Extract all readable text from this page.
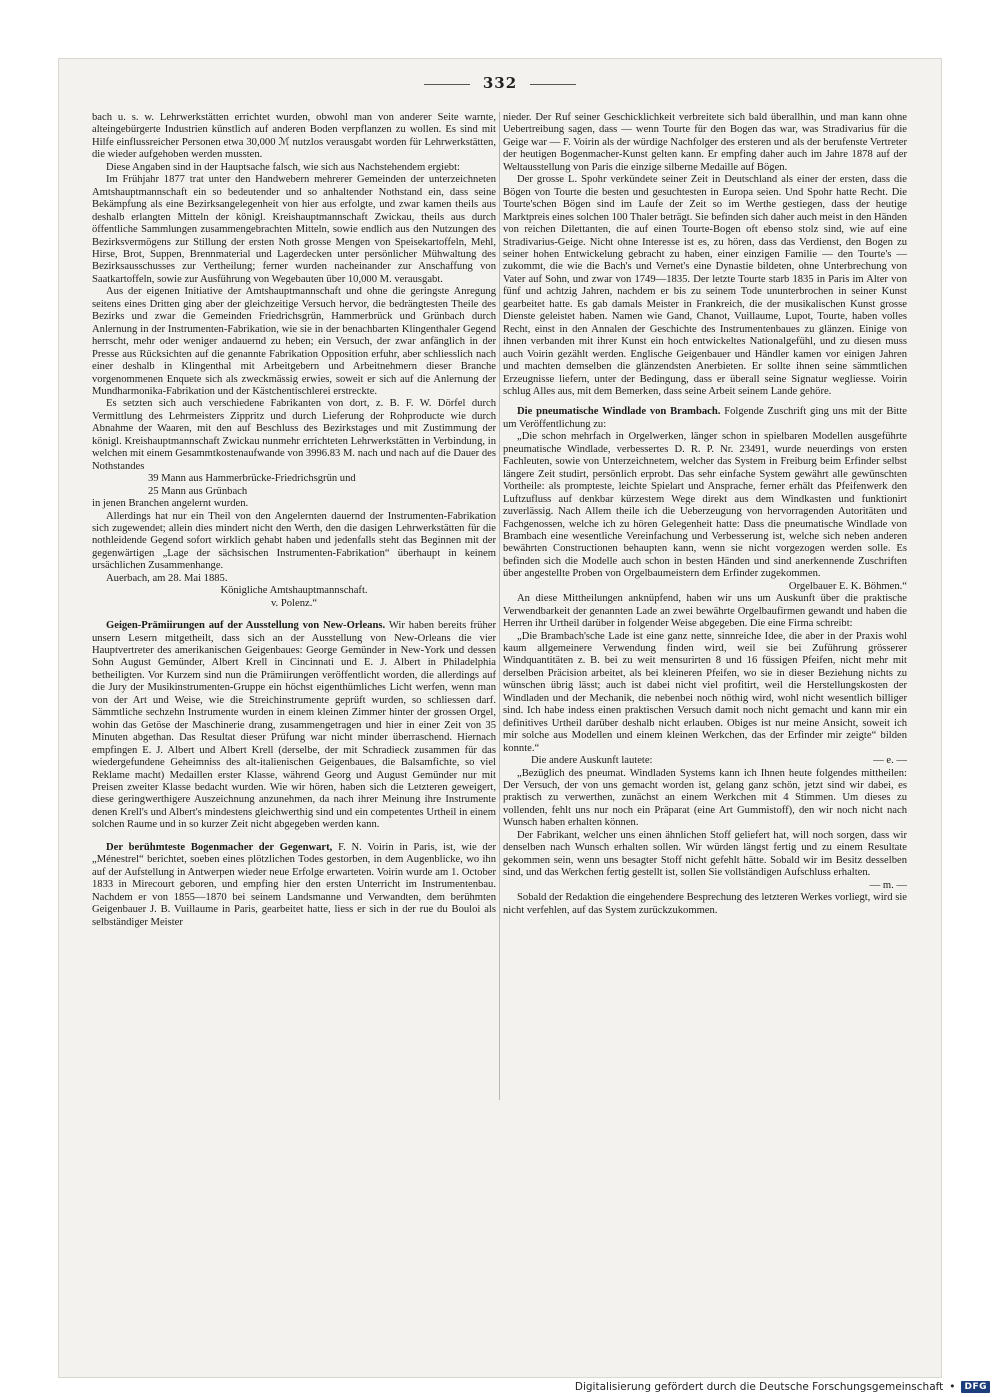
332

bach u. s. w. Lehrwerkstätten errichtet wurden, obwohl man von anderer Seite warnte, alteingebürgerte Industrien künstlich auf anderen Boden verpflanzen zu wollen. Es sind mit Hilfe einflussreicher Personen etwa 30,000 ℳ nutzlos verausgabt worden für Lehrwerkstätten, die wieder aufgehoben werden mussten.

Diese Angaben sind in der Hauptsache falsch, wie sich aus Nachstehendem ergiebt:

Im Frühjahr 1877 trat unter den Handwebern mehrerer Gemeinden der unterzeichneten Amtshauptmannschaft ein so bedeutender und so anhaltender Nothstand ein, dass seine Bekämpfung als eine Bezirksangelegenheit von hier aus erfolgte, und zwar kamen theils aus deshalb erlangten Mitteln der königl. Kreishauptmannschaft Zwickau, theils aus durch öffentliche Sammlungen zusammengebrachten Mitteln, sowie endlich aus den Nutzungen des Bezirksvermögens zur Stillung der ersten Noth grosse Mengen von Speisekartoffeln, Mehl, Hirse, Brot, Suppen, Brennmaterial und Lagerdecken unter persönlicher Mühwaltung des Bezirksausschusses zur Vertheilung; ferner wurden nacheinander zur Anschaffung von Saatkartoffeln, sowie zur Ausführung von Wegebauten über 10,000 M. verausgabt.

Aus der eigenen Initiative der Amtshauptmannschaft und ohne die geringste Anregung seitens eines Dritten ging aber der gleichzeitige Versuch hervor, die bedrängtesten Theile des Bezirks und zwar die Gemeinden Friedrichsgrün, Hammerbrück und Grünbach durch Anlernung in der Instrumenten-Fabrikation, wie sie in der benachbarten Klingenthaler Gegend herrscht, mehr oder weniger andauernd zu heben; ein Versuch, der zwar anfänglich in der Presse aus Rücksichten auf die genannte Fabrikation Opposition erfuhr, aber schliesslich nach einer deshalb in Klingenthal mit Arbeitgebern und Arbeitnehmern dieser Branche vorgenommenen Enquete sich als zweckmässig erwies, soweit er sich auf die Anlernung der Mundharmonika-Fabrikation und der Kästchentischlerei erstreckte.

Es setzten sich auch verschiedene Fabrikanten von dort, z. B. F. W. Dörfel durch Vermittlung des Lehrmeisters Zippritz und durch Lieferung der Rohproducte wie durch Abnahme der Waaren, mit den auf Beschluss des Bezirkstages und mit Zustimmung der königl. Kreishauptmannschaft Zwickau nunmehr errichteten Lehrwerkstätten in Verbindung, in welchen mit einem Gesammtkostenaufwande von 3996.83 M. nach und nach auf die Dauer des Nothstandes

39 Mann aus Hammerbrücke-Friedrichsgrün und

25 Mann aus Grünbach

in jenen Branchen angelernt wurden.

Allerdings hat nur ein Theil von den Angelernten dauernd der Instrumenten-Fabrikation sich zugewendet; allein dies mindert nicht den Werth, den die dasigen Lehrwerkstätten für die nothleidende Gegend sofort wirklich gehabt haben und jedenfalls steht das Beginnen mit der gegenwärtigen „Lage der sächsischen Instrumenten-Fabrikation“ überhaupt in keinem ursächlichen Zusammenhange.

Auerbach, am 28. Mai 1885.

Königliche Amtshauptmannschaft.

v. Polenz.“

Geigen-Prämiirungen auf der Ausstellung von New-Orleans. Wir haben bereits früher unsern Lesern mitgetheilt, dass sich an der Ausstellung von New-Orleans die vier Hauptvertreter des amerikanischen Geigenbaues: George Gemünder in New-York und dessen Sohn August Gemünder, Albert Krell in Cincinnati und E. J. Albert in Philadelphia betheiligten. Vor Kurzem sind nun die Prämiirungen veröffentlicht worden, die allerdings auf die Jury der Musikinstrumenten-Gruppe ein höchst eigenthümliches Licht werfen, wenn man von der Art und Weise, wie die Streichinstrumente geprüft wurden, so schliessen darf. Sämmtliche sechzehn Instrumente wurden in einem kleinen Zimmer hinter der grossen Orgel, wohin das Getöse der Maschinerie drang, zusammengetragen und hier in einer Zeit von 35 Minuten abgethan. Das Resultat dieser Prüfung war nicht minder überraschend. Hiernach empfingen E. J. Albert und Albert Krell (derselbe, der mit Schradieck zusammen für das wiedergefundene Geheimniss des alt-italienischen Geigenbaues, die Balsamfichte, so viel Reklame macht) Medaillen erster Klasse, während Georg und August Gemünder nur mit Preisen zweiter Klasse bedacht wurden. Wie wir hören, haben sich die Letzteren geweigert, diese geringwerthigere Auszeichnung anzunehmen, da nach ihrer Meinung ihre Instrumente denen Krell's und Albert's mindestens gleichwerthig sind und ein competentes Urtheil in einem solchen Raume und in so kurzer Zeit nicht abgegeben werden kann.

Der berühmteste Bogenmacher der Gegenwart, F. N. Voirin in Paris, ist, wie der „Ménestrel“ berichtet, soeben eines plötzlichen Todes gestorben, in dem Augenblicke, wo ihn auf der Aufstellung in Antwerpen wieder neue Erfolge erwarteten. Voirin wurde am 1. October 1833 in Mirecourt geboren, und empfing hier den ersten Unterricht im Instrumentenbau. Nachdem er von 1855—1870 bei seinem Landsmanne und Verwandten, dem berühmten Geigenbauer J. B. Vuillaume in Paris, gearbeitet hatte, liess er sich in der rue du Bouloi als selbständiger Meister

nieder. Der Ruf seiner Geschicklichkeit verbreitete sich bald überallhin, und man kann ohne Uebertreibung sagen, dass — wenn Tourte für den Bogen das war, was Stradivarius für die Geige war — F. Voirin als der würdige Nachfolger des ersteren und als der berufenste Vertreter der heutigen Bogenmacher-Kunst gelten kann. Er empfing daher auch im Jahre 1878 auf der Weltausstellung von Paris die einzige silberne Medaille auf Bögen.

Der grosse L. Spohr verkündete seiner Zeit in Deutschland als einer der ersten, dass die Bögen von Tourte die besten und gesuchtesten in Europa seien. Und Spohr hatte Recht. Die Tourte'schen Bögen sind im Laufe der Zeit so im Werthe gestiegen, dass der heutige Marktpreis eines solchen 100 Thaler beträgt. Sie befinden sich daher auch meist in den Händen von reichen Dilettanten, die auf einen Tourte-Bogen oft ebenso stolz sind, wie auf eine Stradivarius-Geige. Nicht ohne Interesse ist es, zu hören, dass das Verdienst, den Bogen zu seiner hohen Entwickelung gebracht zu haben, einer einzigen Familie — den Tourte's — zukommt, die wie die Bach's und Vernet's eine Dynastie bildeten, ohne Unterbrechung von Vater auf Sohn, und zwar von 1749—1835. Der letzte Tourte starb 1835 in Paris im Alter von fünf und achtzig Jahren, nachdem er bis zu seinem Tode ununterbrochen in seiner Kunst gearbeitet hatte. Es gab damals Meister in Frankreich, die der musikalischen Kunst grosse Dienste geleistet haben. Namen wie Gand, Chanot, Vuillaume, Lupot, Tourte, haben volles Recht, einst in den Annalen der Geschichte des Instrumentenbaues zu glänzen. Einige von ihnen verbanden mit ihrer Kunst ein hoch entwickeltes Nationalgefühl, und zu diesen muss auch Voirin gezählt werden. Englische Geigenbauer und Händler kamen vor einigen Jahren und machten demselben die glänzendsten Anerbieten. Er sollte ihnen seine sämmtlichen Erzeugnisse liefern, unter der Bedingung, dass er überall seine Signatur wegliesse. Voirin schlug Alles aus, mit dem Bemerken, dass seine Arbeit seinem Lande gehöre.

Die pneumatische Windlade von Brambach. Folgende Zuschrift ging uns mit der Bitte um Veröffentlichung zu:

„Die schon mehrfach in Orgelwerken, länger schon in spielbaren Modellen ausgeführte pneumatische Windlade, verbessertes D. R. P. Nr. 23491, wurde neuerdings von ersten Fachleuten, sowie von Unterzeichnetem, welcher das System in Freiburg beim Erfinder selbst längere Zeit studirt, persönlich erprobt. Das sehr einfache System gewährt alle gewünschten Vortheile: als prompteste, leichte Spielart und Ansprache, ferner erhält das Pfeifenwerk den Luftzufluss auf denkbar kürzestem Wege direkt aus dem Windkasten und funktionirt zuverlässig. Nach Allem theile ich die Ueberzeugung von hervorragenden Autoritäten und Fachgenossen, welche ich zu hören Gelegenheit hatte: Dass die pneumatische Windlade von Brambach eine wesentliche Vereinfachung und Verbesserung ist, welche sich neben anderen bewährten Constructionen behaupten kann, wenn sie nicht vorgezogen werden solle. Es befinden sich die Modelle auch schon in besten Händen und sind anerkennende Zuschriften über angestellte Proben von Orgelbaumeistern dem Erfinder zugekommen.

Orgelbauer E. K. Böhmen.“

An diese Mittheilungen anknüpfend, haben wir uns um Auskunft über die praktische Verwendbarkeit der genannten Lade an zwei bewährte Orgelbaufirmen gewandt und haben die Herren ihr Urtheil darüber in folgender Weise abgegeben. Die eine Firma schreibt:

„Die Brambach'sche Lade ist eine ganz nette, sinnreiche Idee, die aber in der Praxis wohl kaum allgemeinere Verwendung finden wird, weil sie bei Zuführung grösserer Windquantitäten z. B. bei zu weit mensurirten 8 und 16 füssigen Pfeifen, nicht mehr mit derselben Präcision arbeitet, als bei kleineren Pfeifen, wo sie in dieser Beziehung nichts zu wünschen übrig lässt; auch ist dabei nicht viel profitirt, weil die Herstellungskosten der Windladen und der Mechanik, die nebenbei noch nöthig wird, wohl nicht wesentlich billiger sind. Ich habe indess einen praktischen Versuch damit noch nicht gemacht und kann mir ein definitives Urtheil darüber deshalb nicht erlauben. Obiges ist nur meine Ansicht, soweit ich mir solche aus Modellen und einem kleinen Werkchen, das der Erfinder mir zeigte“ bilden konnte.“

Die andere Auskunft lautete:	— e. —

„Bezüglich des pneumat. Windladen Systems kann ich Ihnen heute folgendes mittheilen: Der Versuch, der von uns gemacht worden ist, gelang ganz schön, jetzt sind wir dabei, es praktisch zu verwerthen, zunächst an einem Werkchen mit 4 Stimmen. Um dieses zu vollenden, fehlt uns nur noch ein Präparat (eine Art Gummistoff), den wir noch nicht nach Wunsch haben erhalten können.

Der Fabrikant, welcher uns einen ähnlichen Stoff geliefert hat, will noch sorgen, dass wir denselben nach Wunsch erhalten sollen. Wir würden längst fertig und zu einem Resultate gekommen sein, wenn uns besagter Stoff nicht gefehlt hätte. Sobald wir im Besitz desselben sind, und das Werkchen fertig gestellt ist, sollen Sie vollständigen Aufschluss erhalten.

— m. —

Sobald der Redaktion die eingehendere Besprechung des letzteren Werkes vorliegt, wird sie nicht verfehlen, auf das System zurückzukommen.

Digitalisierung gefördert durch die Deutsche Forschungsgemeinschaft •	DFG
